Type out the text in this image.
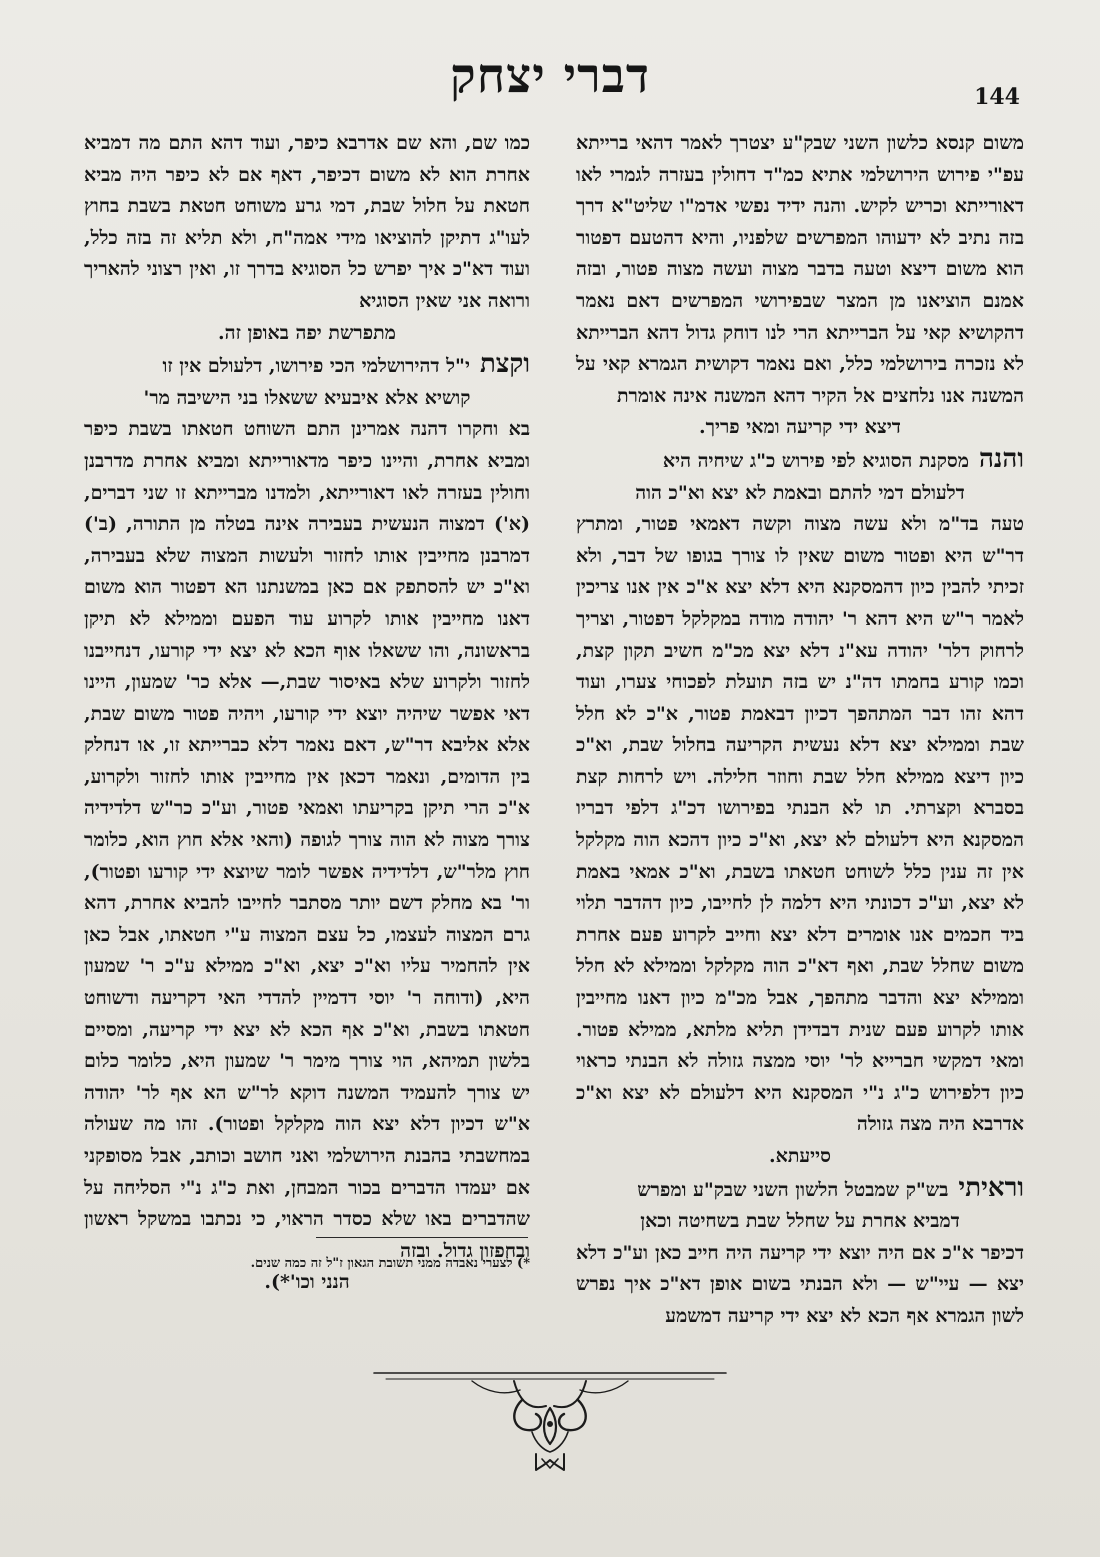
דברי יצחק	144

משום קנסא כלשון השני שבק"ע יצטרך לאמר דהאי ברייתא עפ"י פירוש הירושלמי אתיא כמ"ד דחולין בעזרה לגמרי לאו דאורייתא וכריש לקיש. והנה ידיד נפשי אדמ"ו שליט"א דרך בזה נתיב לא ידעוהו המפרשים שלפניו, והיא דהטעם דפטור הוא משום דיצא וטעה בדבר מצוה ועשה מצוה פטור, ובזה אמנם הוציאנו מן המצר שבפירושי המפרשים דאם נאמר דהקושיא קאי על הברייתא הרי לנו דוחק גדול דהא הברייתא לא נזכרה בירושלמי כלל, ואם נאמר דקושית הגמרא קאי על המשנה אנו נלחצים אל הקיר דהא המשנה אינה אומרת

דיצא ידי קריעה ומאי פריך.

והנהמסקנת הסוגיא לפי פירוש כ"ג שיחיה היא

דלעולם דמי להתם ובאמת לא יצא וא"כ הוה

טעה בד"מ ולא עשה מצוה וקשה דאמאי פטור, ומתרץ דר"ש היא ופטור משום שאין לו צורך בגופו של דבר, ולא זכיתי להבין כיון דהמסקנא היא דלא יצא א"כ אין אנו צריכין לאמר ר"ש היא דהא ר' יהודה מודה במקלקל דפטור, וצריך לרחוק דלר' יהודה עא"נ דלא יצא מכ"מ חשיב תקון קצת, וכמו קורע בחמתו דה"נ יש בזה תועלת לפכוחי צערו, ועוד דהא זהו דבר המתהפך דכיון דבאמת פטור, א"כ לא חלל שבת וממילא יצא דלא נעשית הקריעה בחלול שבת, וא"כ כיון דיצא ממילא חלל שבת וחוזר חלילה. ויש לרחות קצת בסברא וקצרתי. תו לא הבנתי בפירושו דכ"ג דלפי דבריו המסקנא היא דלעולם לא יצא, וא"כ כיון דהכא הוה מקלקל אין זה ענין כלל לשוחט חטאתו בשבת, וא"כ אמאי באמת לא יצא, וע"כ דכונתי היא דלמה לן לחייבו, כיון דהדבר תלוי ביד חכמים אנו אומרים דלא יצא וחייב לקרוע פעם אחרת משום שחלל שבת, ואף דא"כ הוה מקלקל וממילא לא חלל וממילא יצא והדבר מתהפך, אבל מכ"מ כיון דאנו מחייבין אותו לקרוע פעם שנית דבדידן תליא מלתא, ממילא פטור. ומאי דמקשי חברייא לר' יוסי ממצה גזולה לא הבנתי כראוי כיון דלפירוש כ"ג נ"י המסקנא היא דלעולם לא יצא וא"כ אדרבא היה מצה גזולה

סייעתא.

וראיתיבש"ק שמבטל הלשון השני שבק"ע ומפרש

דמביא אחרת על שחלל שבת בשחיטה וכאן

דכיפר א"כ אם היה יוצא ידי קריעה היה חייב כאן וע"כ דלא יצא — עיי"ש — ולא הבנתי בשום אופן דא"כ איך נפרש לשון הגמרא אף הכא לא יצא ידי קריעה דמשמע

כמו שם, והא שם אדרבא כיפר, ועוד דהא התם מה דמביא אחרת הוא לא משום דכיפר, דאף אם לא כיפר היה מביא חטאת על חלול שבת, דמי גרע משוחט חטאת בשבת בחוץ לעו"ג דתיקן להוציאו מידי אמה"ח, ולא תליא זה בזה כלל, ועוד דא"כ איך יפרש כל הסוגיא בדרך זו, ואין רצוני להאריך ורואה אני שאין הסוגיא

מתפרשת יפה באופן זה.

וקצתי"ל דהירושלמי הכי פירושו, דלעולם אין זו

קושיא אלא איבעיא ששאלו בני הישיבה מר'

בא וחקרו דהנה אמרינן התם השוחט חטאתו בשבת כיפר ומביא אחרת, והיינו כיפר מדאורייתא ומביא אחרת מדרבנן וחולין בעזרה לאו דאורייתא, ולמדנו מברייתא זו שני דברים, (א') דמצוה הנעשית בעבירה אינה בטלה מן התורה, (ב') דמרבנן מחייבין אותו לחזור ולעשות המצוה שלא בעבירה, וא"כ יש להסתפק אם כאן במשנתנו הא דפטור הוא משום דאנו מחייבין אותו לקרוע עוד הפעם וממילא לא תיקן בראשונה, והו ששאלו אוף הכא לא יצא ידי קורעו, דנחייבנו לחזור ולקרוע שלא באיסור שבת,— אלא כר' שמעון, היינו דאי אפשר שיהיה יוצא ידי קורעו, ויהיה פטור משום שבת, אלא אליבא דר"ש, דאם נאמר דלא כברייתא זו, או דנחלק בין הדומים, ונאמר דכאן אין מחייבין אותו לחזור ולקרוע, א"כ הרי תיקן בקריעתו ואמאי פטור, וע"כ כר"ש דלדידיה צורך מצוה לא הוה צורך לגופה (והאי אלא חוץ הוא, כלומר חוץ מלר"ש, דלדידיה אפשר לומר שיוצא ידי קורעו ופטור), ור' בא מחלק דשם יותר מסתבר לחייבו להביא אחרת, דהא גרם המצוה לעצמו, כל עצם המצוה ע"י חטאתו, אבל כאן אין להחמיר עליו וא"כ יצא, וא"כ ממילא ע"כ ר' שמעון היא, (ודוחה ר' יוסי דדמיין להדדי האי דקריעה ודשוחט חטאתו בשבת, וא"כ אף הכא לא יצא ידי קריעה, ומסיים בלשון תמיהא, הוי צורך מימר ר' שמעון היא, כלומר כלום יש צורך להעמיד המשנה דוקא לר"ש הא אף לר' יהודה א"ש דכיון דלא יצא הוה מקלקל ופטור). זהו מה שעולה במחשבתי בהבנת הירושלמי ואני חושב וכותב, אבל מסופקני אם יעמדו הדברים בכור המבחן, ואת כ"ג נ"י הסליחה על שהדברים באו שלא כסדר הראוי, כי נכתבו במשקל ראשון ובחפזון גדול. ובזה

הנני וכו'*).

*) לצערי נאבדה ממני תשובת הגאון ז"ל זה כמה שנים.
